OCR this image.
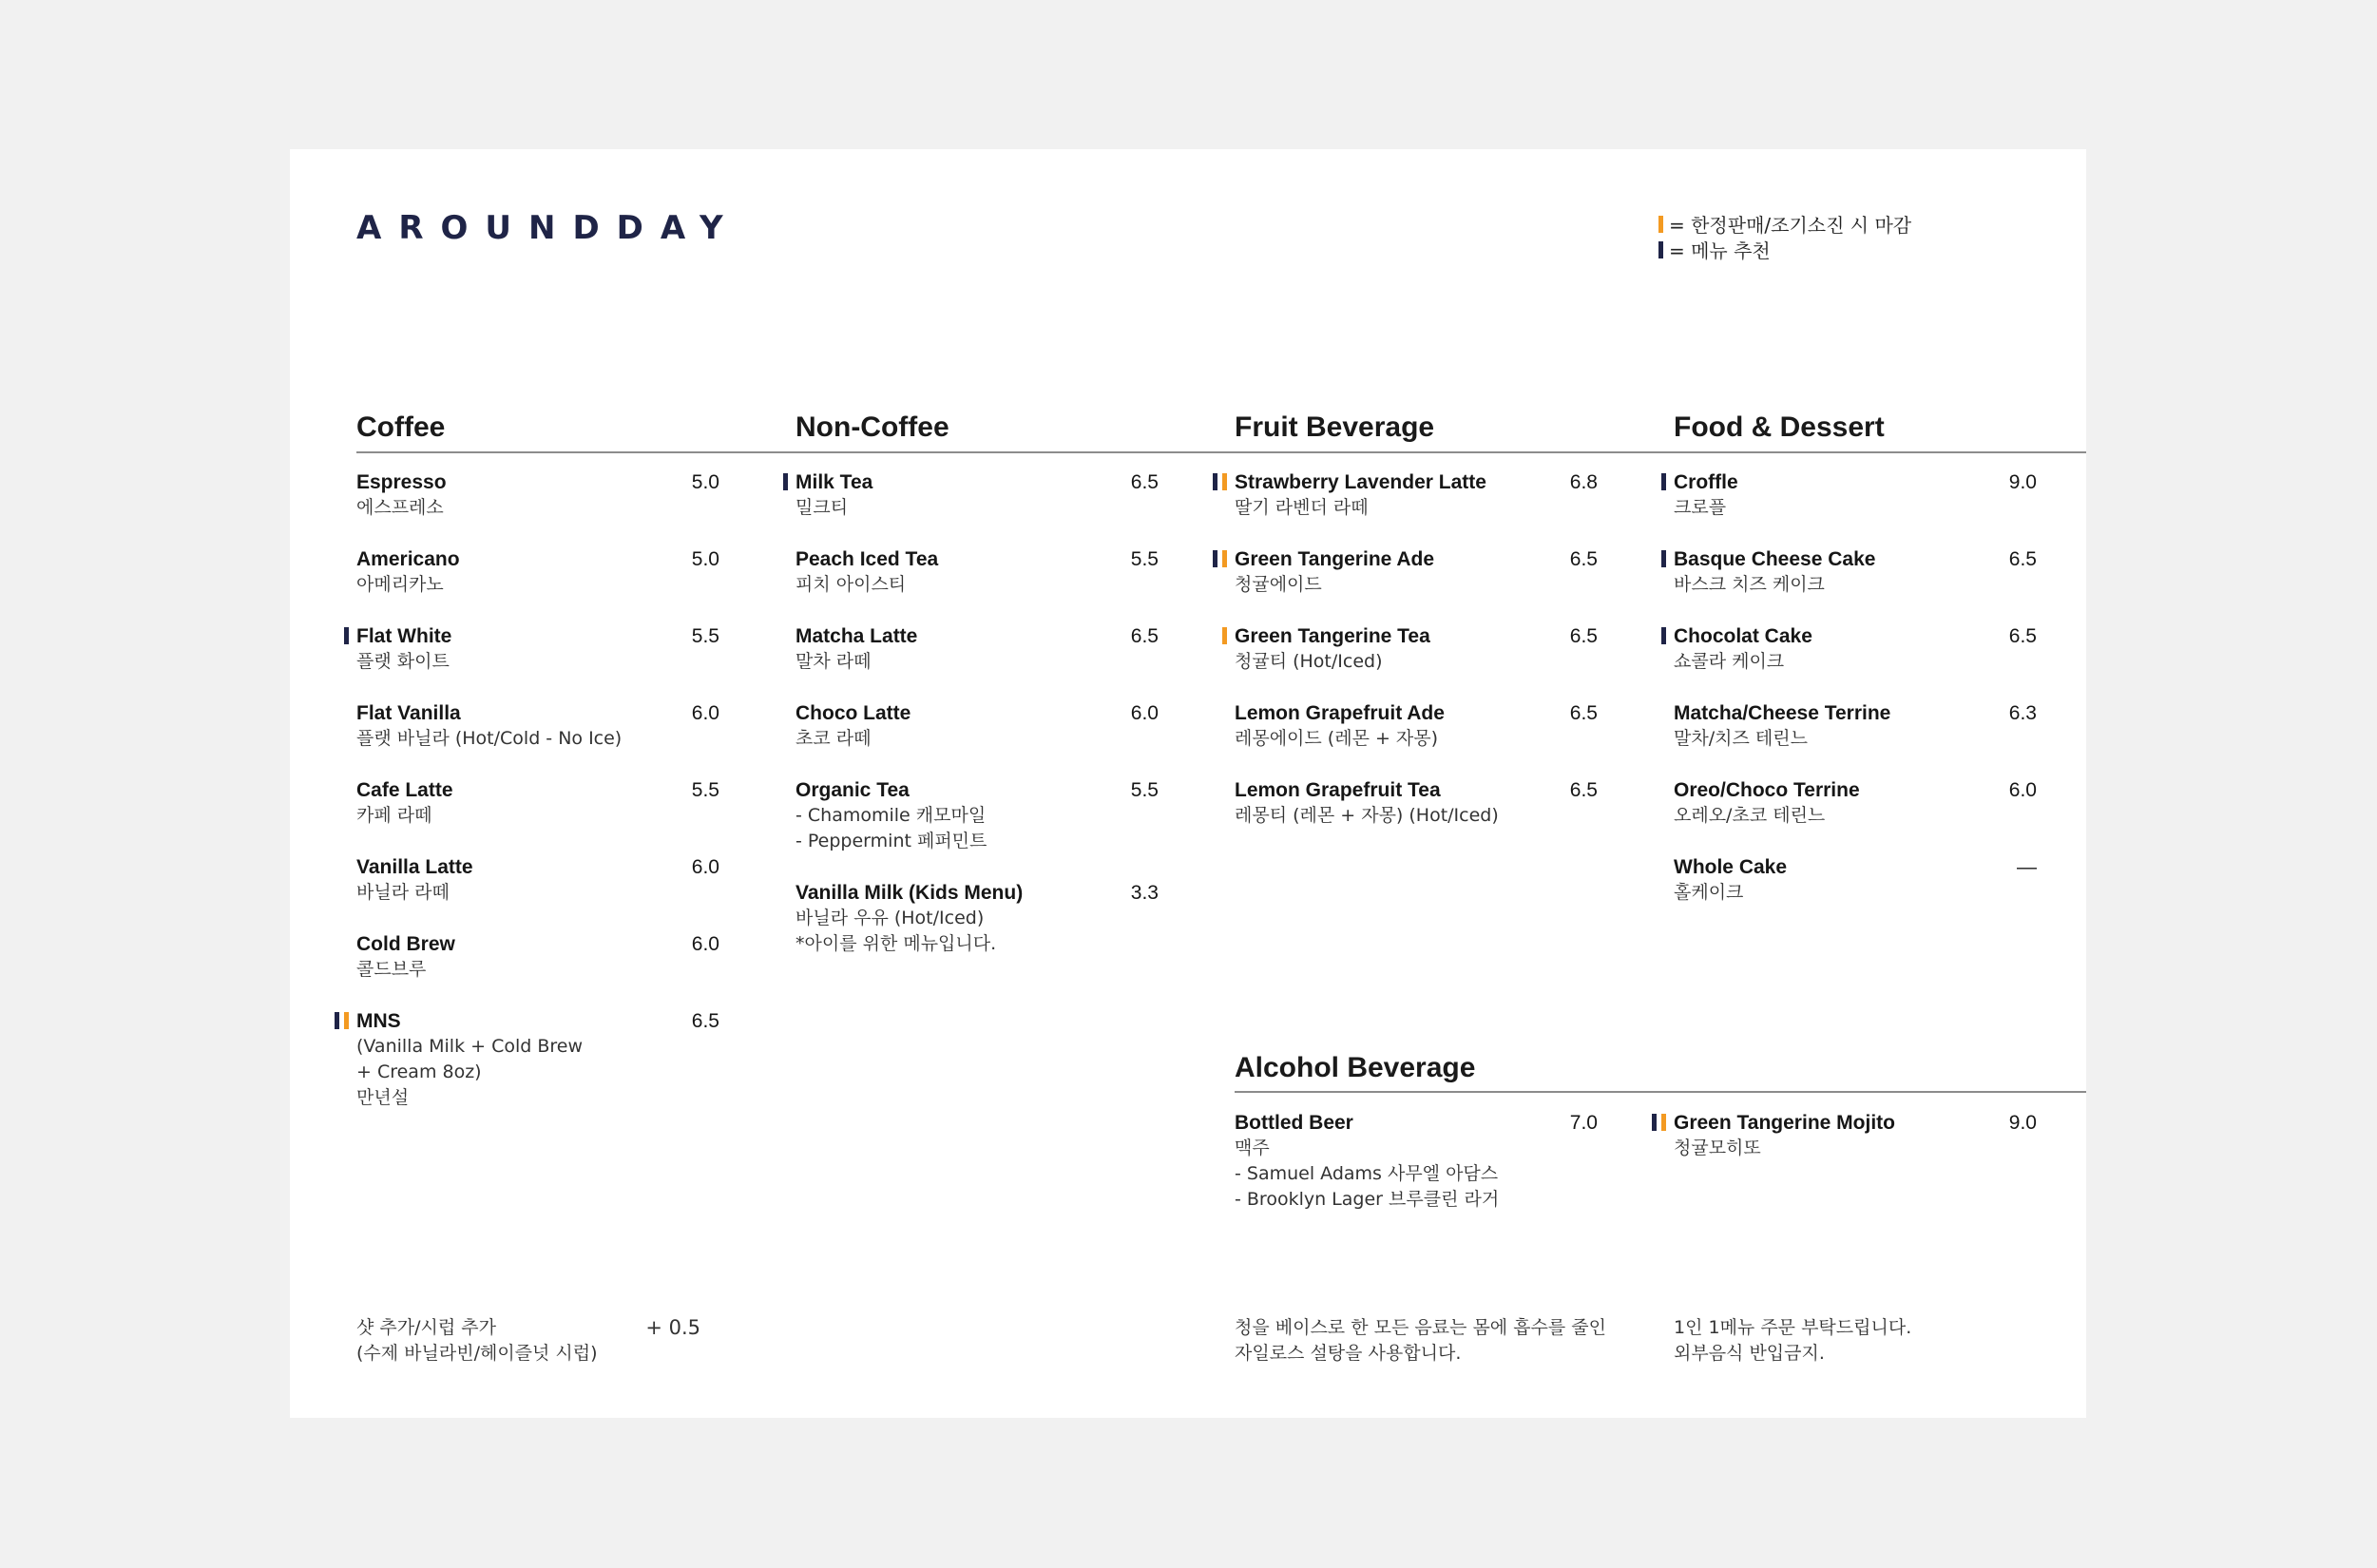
AROUNDDAY	= 한정판매/조기소진 시 마감
= 메뉴 추천
Coffee	Non-Coffee	Fruit Beverage	Food & Dessert
Alcohol Beverage
Espresso
에스프레소
5.0
Americano
아메리카노
5.0
Flat White
플랫 화이트
5.5
Flat Vanilla
플랫 바닐라 (Hot/Cold - No Ice)
6.0
Cafe Latte
카페 라떼
5.5
Vanilla Latte
바닐라 라떼
6.0
Cold Brew
콜드브루
6.0
MNS
(Vanilla Milk + Cold Brew
+ Cream 8oz)
만년설
6.5
Milk Tea
밀크티
6.5
Peach Iced Tea
피치 아이스티
5.5
Matcha Latte
말차 라떼
6.5
Choco Latte
초코 라떼
6.0
Organic Tea
- Chamomile 캐모마일
- Peppermint 페퍼민트
5.5
Vanilla Milk (Kids Menu)
바닐라 우유 (Hot/Iced)
*아이를 위한 메뉴입니다.
3.3
Strawberry Lavender Latte
딸기 라벤더 라떼
6.8
Green Tangerine Ade
청귤에이드
6.5
Green Tangerine Tea
청귤티 (Hot/Iced)
6.5
Lemon Grapefruit Ade
레몽에이드 (레몬 + 자몽)
6.5
Lemon Grapefruit Tea
레몽티 (레몬 + 자몽) (Hot/Iced)
6.5
Croffle
크로플
9.0
Basque Cheese Cake
바스크 치즈 케이크
6.5
Chocolat Cake
쇼콜라 케이크
6.5
Matcha/Cheese Terrine
말차/치즈 테린느
6.3
Oreo/Choco Terrine
오레오/초코 테린느
6.0
Whole Cake
홀케이크
—
Bottled Beer
맥주
- Samuel Adams 사무엘 아담스
- Brooklyn Lager 브루클린 라거
7.0	Green Tangerine Mojito
청귤모히또
9.0
샷 추가/시럽 추가
(수제 바닐라빈/헤이즐넛 시럽)
+ 0.5	청을 베이스로 한 모든 음료는 몸에 흡수를 줄인
자일로스 설탕을 사용합니다.
1인 1메뉴 주문 부탁드립니다.
외부음식 반입금지.
